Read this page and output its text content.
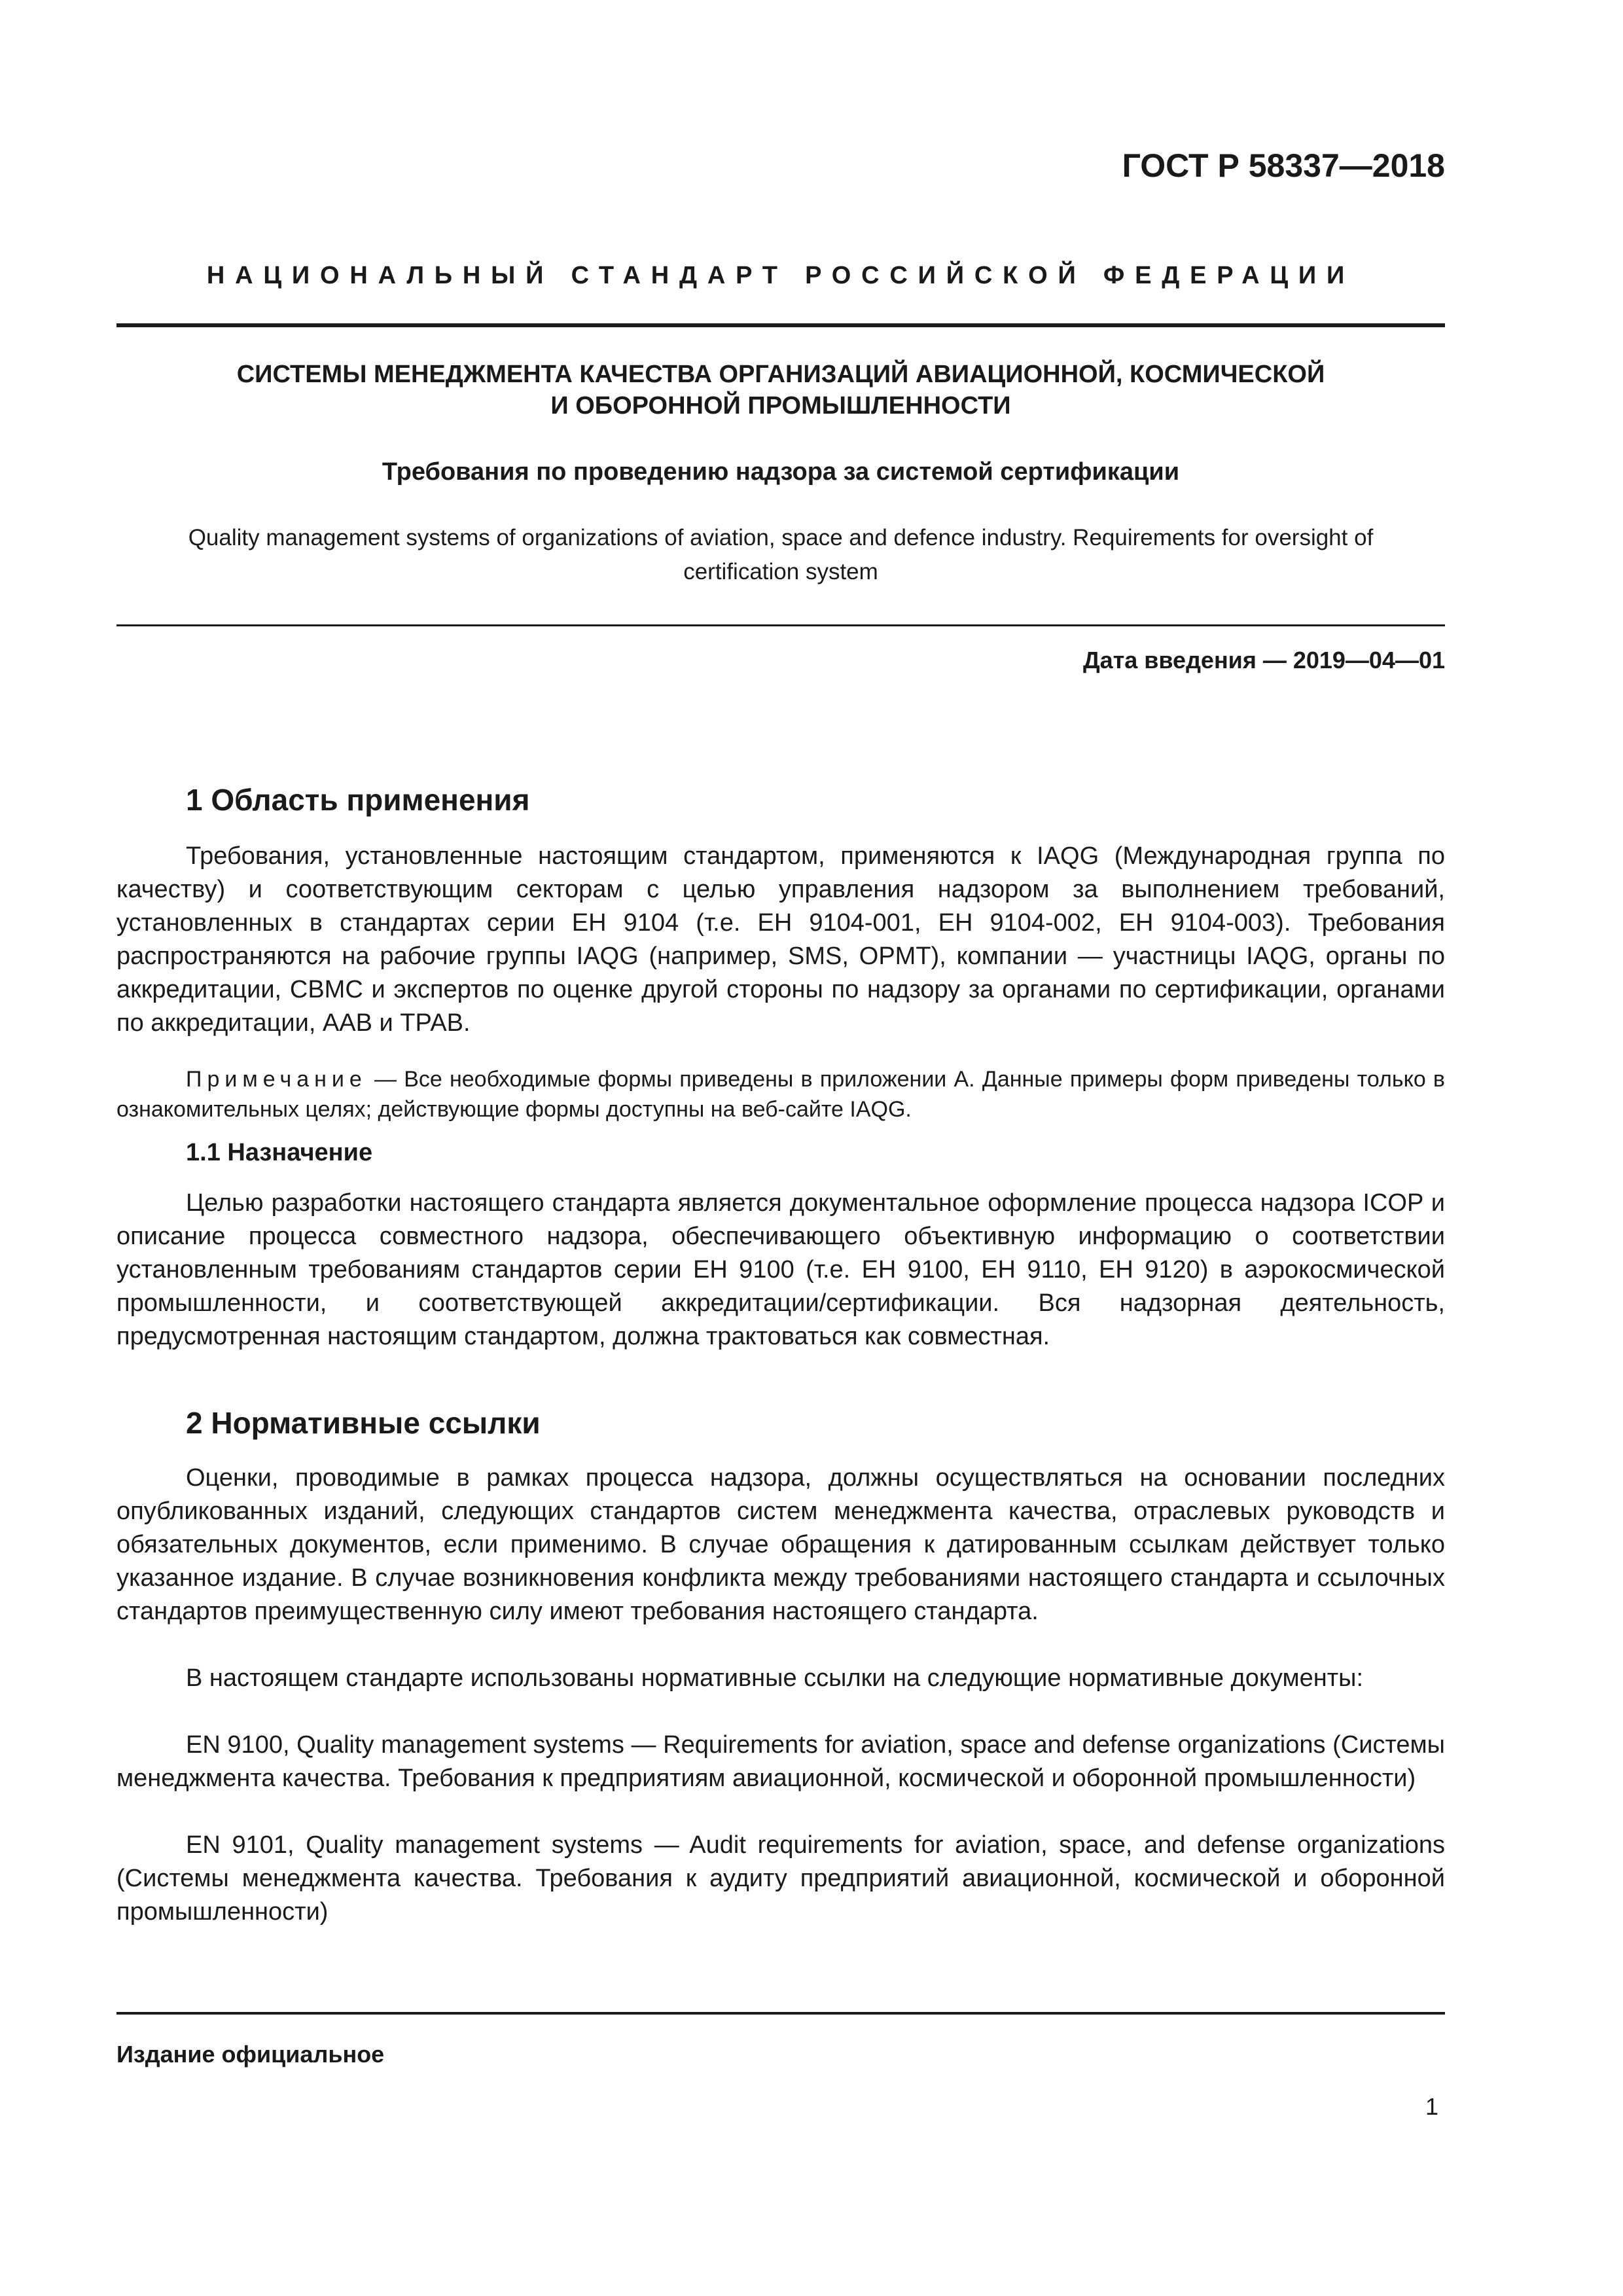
ГОСТ Р 58337—2018
НАЦИОНАЛЬНЫЙ СТАНДАРТ РОССИЙСКОЙ ФЕДЕРАЦИИ
СИСТЕМЫ МЕНЕДЖМЕНТА КАЧЕСТВА ОРГАНИЗАЦИЙ АВИАЦИОННОЙ, КОСМИЧЕСКОЙ
И ОБОРОННОЙ ПРОМЫШЛЕННОСТИ
Требования по проведению надзора за системой сертификации
Quality management systems of organizations of aviation, space and defence industry. Requirements for oversight of
certification system
Дата введения — 2019—04—01
1 Область применения
Требования, установленные настоящим стандартом, применяются к IAQG (Международная группа по качеству) и соответствующим секторам с целью управления надзором за выполнением требований, установленных в стандартах серии ЕН 9104 (т.е. ЕН 9104-001, ЕН 9104-002, ЕН 9104-003). Требования распространяются на рабочие группы IAQG (например, SMS, OPMT), компании — участницы IAQG, органы по аккредитации, СВМС и экспертов по оценке другой стороны по надзору за органами по сертификации, органами по аккредитации, ААВ и ТРАВ.
Примечание — Все необходимые формы приведены в приложении А. Данные примеры форм приведены только в ознакомительных целях; действующие формы доступны на веб-сайте IAQG.
1.1 Назначение
Целью разработки настоящего стандарта является документальное оформление процесса надзора ICOP и описание процесса совместного надзора, обеспечивающего объективную информацию о соответствии установленным требованиям стандартов серии ЕН 9100 (т.е. ЕН 9100, ЕН 9110, ЕН 9120) в аэрокосмической промышленности, и соответствующей аккредитации/сертификации. Вся надзорная деятельность, предусмотренная настоящим стандартом, должна трактоваться как совместная.
2 Нормативные ссылки
Оценки, проводимые в рамках процесса надзора, должны осуществляться на основании последних опубликованных изданий, следующих стандартов систем менеджмента качества, отраслевых руководств и обязательных документов, если применимо. В случае обращения к датированным ссылкам действует только указанное издание. В случае возникновения конфликта между требованиями настоящего стандарта и ссылочных стандартов преимущественную силу имеют требования настоящего стандарта.
В настоящем стандарте использованы нормативные ссылки на следующие нормативные документы:
EN 9100, Quality management systems — Requirements for aviation, space and defense organizations (Системы менеджмента качества. Требования к предприятиям авиационной, космической и оборонной промышленности)
EN 9101, Quality management systems — Audit requirements for aviation, space, and defense organizations (Системы менеджмента качества. Требования к аудиту предприятий авиационной, космической и оборонной промышленности)
Издание официальное
1
